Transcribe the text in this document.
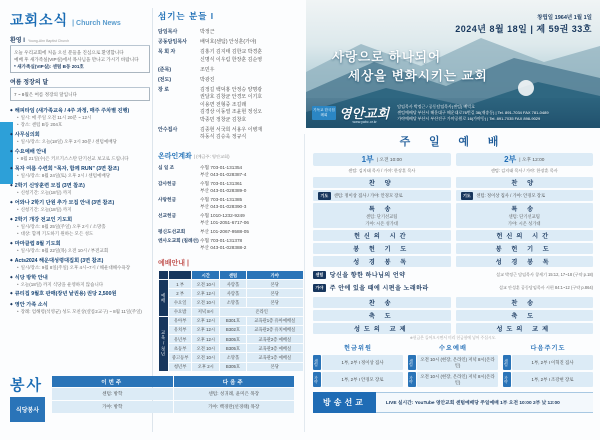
교회소식 | Church News
환영 l Young-Ahn Baptist Church
오늘 우리교회에 처음 오신 분들을 진심으로 환영합니다
예배 후 새가족실(VIP실)에서 목사님을 만나고 가시기 바랍니다
* 새가족실(VIP실): 센텀 B동 201호
여름 정장의 달
7 ~ 8월은 여름 정장의 달입니다
◆ 해피타임 (새가족교육 / 4주 과정, 매주 주차별 진행)
• 일시: 매 주일 오전 11시 20분 ~ 12시
• 장소: 센텀 B동 204호
◆ 사무심의회
• 일시/장소: 오늘(18일) 오후 2시 30분 / 센텀예배당
◆ 수요예배 안내
• 8월 21일(수)은 키르기스스탄 단기선교 보고로 드립니다
◆ 목자 여름 수련회 “목자, 함께 RUN” (3면 참조)
• 일시/장소: 8월 24일(토) 오후 2시 / 센텀예배당
◆ 2학기 신앙훈련 모집 (3면 참조)
• 신청기간: 오늘(18일) 까지
◆ 어와나 2학기 단원 추가 모집 안내 (3면 참조)
• 신청기간: 오늘(18일) 까지
◆ 2학기 개강 전교인 기도회
• 일시/장소: 8월 25일(주일) 오후 2시 / 소망홀
• 대상: 함께 기도하기 원하는 모든 성도
◆ 마마클럽 8월 기도회
• 일시/장소: 8월 22일(목) 오전 10시 / 부전교회
◆ Acts2024 해운대성령대집회 (3면 참조)
• 일시/장소: 9월 8일(주일) 오후 4시~7시 / 해운대해수욕장
◆ 식당 방학 안내
• 오늘(18일) 까지 식당을 운영하지 않습니다
◆ 큐티집 9월호 판매(장년 낱권용) 권당 2,500원
◆ 영안 가족 소식
• 장례: 엄해령(석영균) 성도 모친상(샬롬2교구) ~ 8월 11일(주일)
봉사
식당봉사
이번주	다음주
센텀: 방학	센텀: 성귀례, 윤미은 목장
가야: 방학	가야: 백경란(선경태) 목장
섬기는 분들 l
담임목사	박정근
공동담임목사	배덕호(센텀) 안성훈(가야)
목 회 자	김홍기 김지태 김한교 박경훈
신명식 이우림 한장훈 김순영
(준목)	조민우
(전도)	박광진
장 로	김정길 백덕홍 안정승 양명광
권달호 김창균 안경모 이기호
이용면 전형중 조길래
김경상 이동열 조윤현 정성오
박종민 정창균 김창호
안수집사	김종현 서국희 서용우 이병재
하동식 김승욱 정규식
온라인계좌 | (예금주: 영안교회)
십 일 조	수협 703-01-131354
부산 043-01-028387-4
감사헌금	수협 703-01-131361
부산 043-01-028389-0
사랑헌금	수협 703-01-131385
부산 043-01-028390-3
선교헌금	수협 1010-1232-9249
부산 101-2051-6717-06
평신도선교회	부산 101-2067-9588-05
엔사오교회 (침례선) 수협 703-01-131378
부산 043-01-028388-2
예배안내 |
		시간	센텀	가야
예배	1 부	오전 10시	사랑홀	본당
	2 부	오후 12시	사랑홀	본당
	수요일	오전 10시	소망홀	본당
	수요밤	저녁 8시	온라인	
교육/청년	유아부	오후 12시	B301호	교육관1층 유아예배실
	유치부	오후 12시	B302호	교육관2층 유치예배실
	유년부	오후 12시	B305호	교육관2층 예배실
	초등부	오전 10시	B305호	교육관3층 예배실
	중고등부	오전 10시	소망홀	교육관1층 예배실
	청년부	오후 2시	B305호	본당
창립일 1964년 1월 1일
2024년 8월 18일 | 제 59권 33호
사랑으로 하나되어
세상을 변화시키는 교회
기독교 한국침례회 영안교회
www.yabc.or.kr
담임목사 박정근 / 공동담임목사(센텀) 배덕호
센텀예배당 부산시 해운대구 해운대로76번길 36(재송동) | Tel. 891-7034 FAX 781-0489
가야예배당 부산시 부산진구 가야공원로 16(가야동) | Tel. 891-7035 FAX 898-9029
주 일 예 배
1부 | 오전 10:00
센텀: 김지태 목사 / 가야: 한장훈 목사
찬 양
기도	센텀: 정이상 집사 / 가야: 안경모 장로
특 송
센텀: 단기선교팀
가야: 시온 성가대
헌신의 시간
봉 헌 기 도
성 경 봉 독
2부 | 오후 12:00
센텀: 김지태 목사 / 가야: 한장훈 목사
찬 양
기도	센텀: 정이상 집사 / 가야: 안경모 장로
특 송
센텀: 단기선교팀
가야: 시온 성가대
헌신의 시간
봉 헌 기 도
성 경 봉 독
센텀	당신을 향한 하나님의 언약	설교 박정근 담임목사 창세기 15:12, 17~18 (구약 p.18)
가야	주 안에 있을 때에 시편을 노래하라	설교 안성훈 공동담임목사 시편 84:1~12 (구약 p.864)
찬 송
축 도
성도의 교제
찬 송
축 도
성도의 교제
※헌금은 들어오시면서 미리 헌금함에 넣어 주십시오.
헌금위원
센텀	1부, 2부 I 정이상 집사
가야	1부, 2부 I 안경모 장로
수요예배
센텀	오전 10시 (현장, 온라인) 저녁 8시(온라인)
가야	오전 10시 (현장, 온라인) 저녁 8시(온라인)
다음주기도
센텀	1부, 2부 I 이혁진 집사
가야	1부, 2부 I 조강현 장로
방송선교	LIVE 실시간: YouTube 영안교회 센텀예배당 주일예배 1부 오전 10:00 2부 낮 12:00
